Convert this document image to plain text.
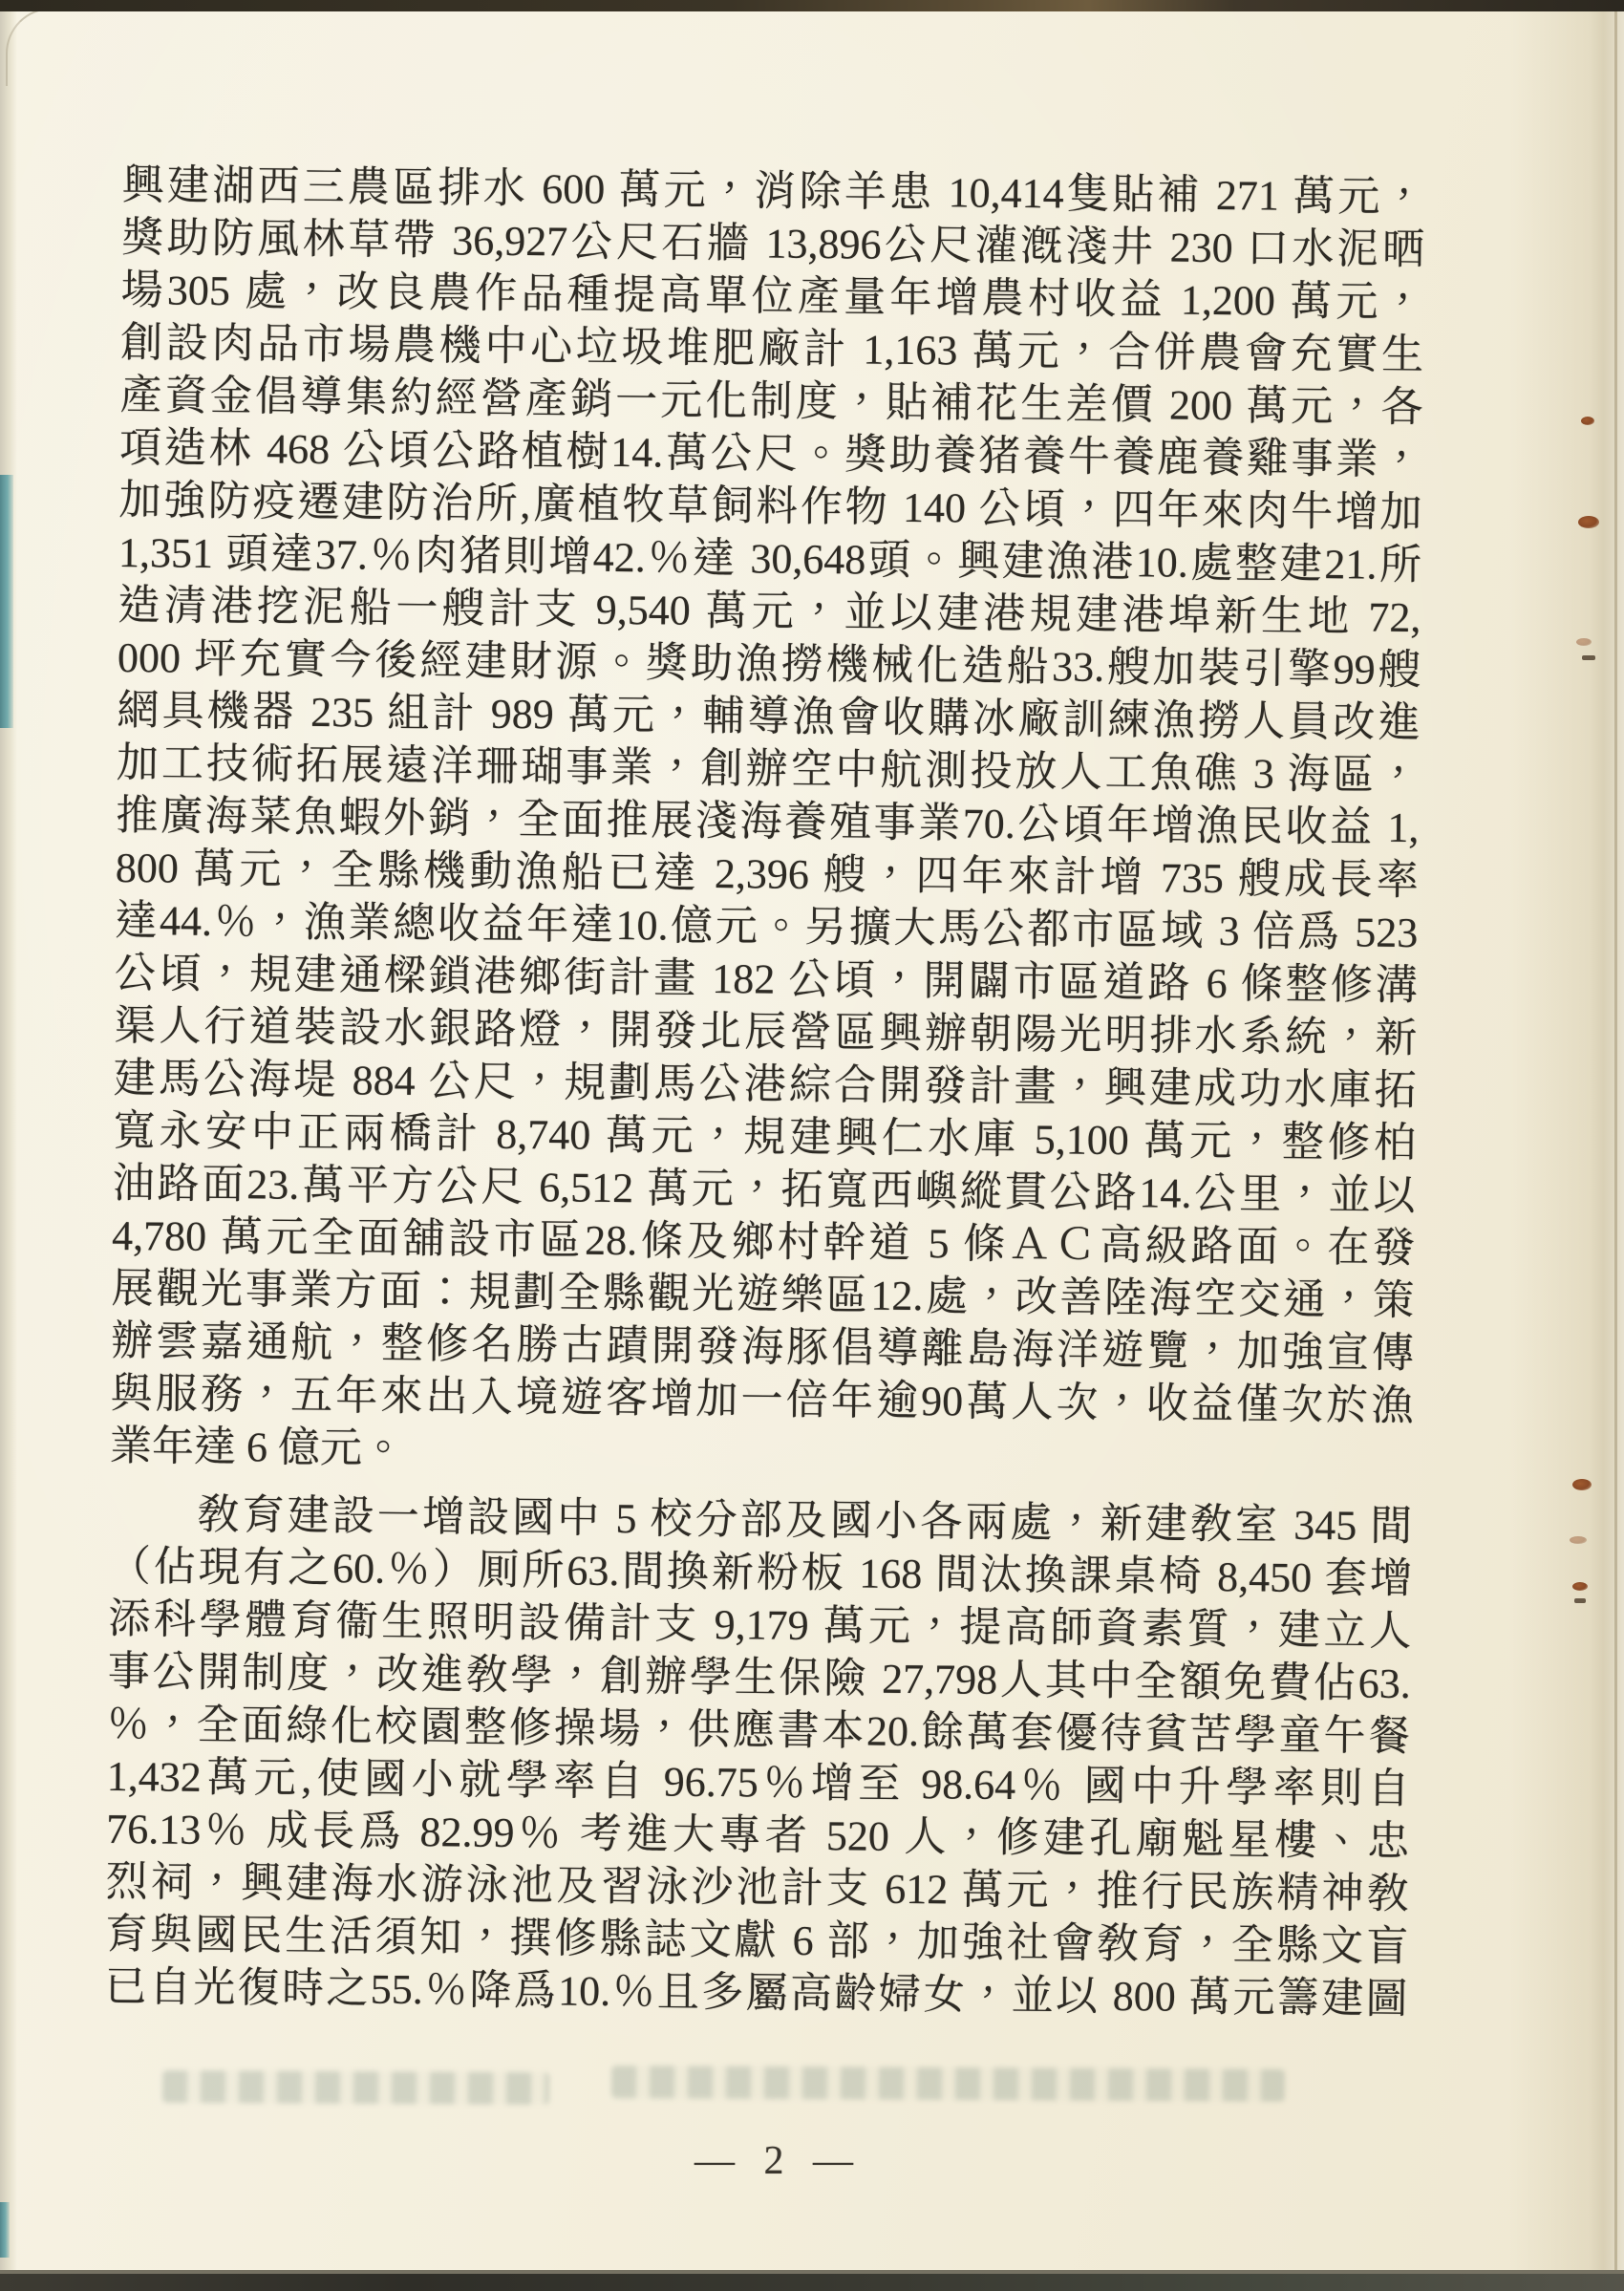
興建湖西三農區排水 600 萬元，消除羊患 10,414隻貼補 271 萬元，
獎助防風林草帶 36,927公尺石牆 13,896公尺灌漑淺井 230 口水泥晒
場305 處，改良農作品種提高單位產量年增農村收益 1,200 萬元，
創設肉品市場農機中心垃圾堆肥廠計 1,163 萬元，合併農會充實生
產資金倡導集約經營產銷一元化制度，貼補花生差價 200 萬元，各
項造林 468 公頃公路植樹14.萬公尺。獎助養猪養牛養鹿養雞事業，
加強防疫遷建防治所,廣植牧草飼料作物 140 公頃，四年來肉牛增加
1,351 頭達37.％肉猪則增42.％達 30,648頭。興建漁港10.處整建21.所
造清港挖泥船一艘計支 9,540 萬元，並以建港規建港埠新生地 72,
000 坪充實今後經建財源。獎助漁撈機械化造船33.艘加裝引擎99艘
網具機器 235 組計 989 萬元，輔導漁會收購冰廠訓練漁撈人員改進
加工技術拓展遠洋珊瑚事業，創辦空中航測投放人工魚礁 3 海區，
推廣海菜魚蝦外銷，全面推展淺海養殖事業70.公頃年增漁民收益 1,
800 萬元，全縣機動漁船已達 2,396 艘，四年來計增 735 艘成長率
達44.％，漁業總收益年達10.億元。另擴大馬公都市區域 3 倍爲 523
公頃，規建通樑鎖港鄉街計畫 182 公頃，開闢市區道路 6 條整修溝
渠人行道裝設水銀路燈，開發北辰營區興辦朝陽光明排水系統，新
建馬公海堤 884 公尺，規劃馬公港綜合開發計畫，興建成功水庫拓
寬永安中正兩橋計 8,740 萬元，規建興仁水庫 5,100 萬元，整修柏
油路面23.萬平方公尺 6,512 萬元，拓寬西嶼縱貫公路14.公里，並以
4,780 萬元全面舖設市區28.條及鄉村幹道 5 條ＡＣ高級路面。在發
展觀光事業方面：規劃全縣觀光遊樂區12.處，改善陸海空交通，策
辦雲嘉通航，整修名勝古蹟開發海豚倡導離島海洋遊覽，加強宣傳
與服務，五年來出入境遊客增加一倍年逾90萬人次，收益僅次於漁
業年達 6 億元。
敎育建設一增設國中 5 校分部及國小各兩處，新建敎室 345 間
（佔現有之60.％）厠所63.間換新粉板 168 間汰換課桌椅 8,450 套增
添科學體育衞生照明設備計支 9,179 萬元，提高師資素質，建立人
事公開制度，改進敎學，創辦學生保險 27,798人其中全額免費佔63.
％，全面綠化校園整修操場，供應書本20.餘萬套優待貧苦學童午餐
1,432萬元,使國小就學率自 96.75％增至 98.64％ 國中升學率則自
76.13％ 成長爲 82.99％ 考進大專者 520 人，修建孔廟魁星樓、忠
烈祠，興建海水游泳池及習泳沙池計支 612 萬元，推行民族精神敎
育與國民生活須知，撰修縣誌文獻 6 部，加強社會敎育，全縣文盲
已自光復時之55.％降爲10.％且多屬高齡婦女，並以 800 萬元籌建圖
— 2 —
